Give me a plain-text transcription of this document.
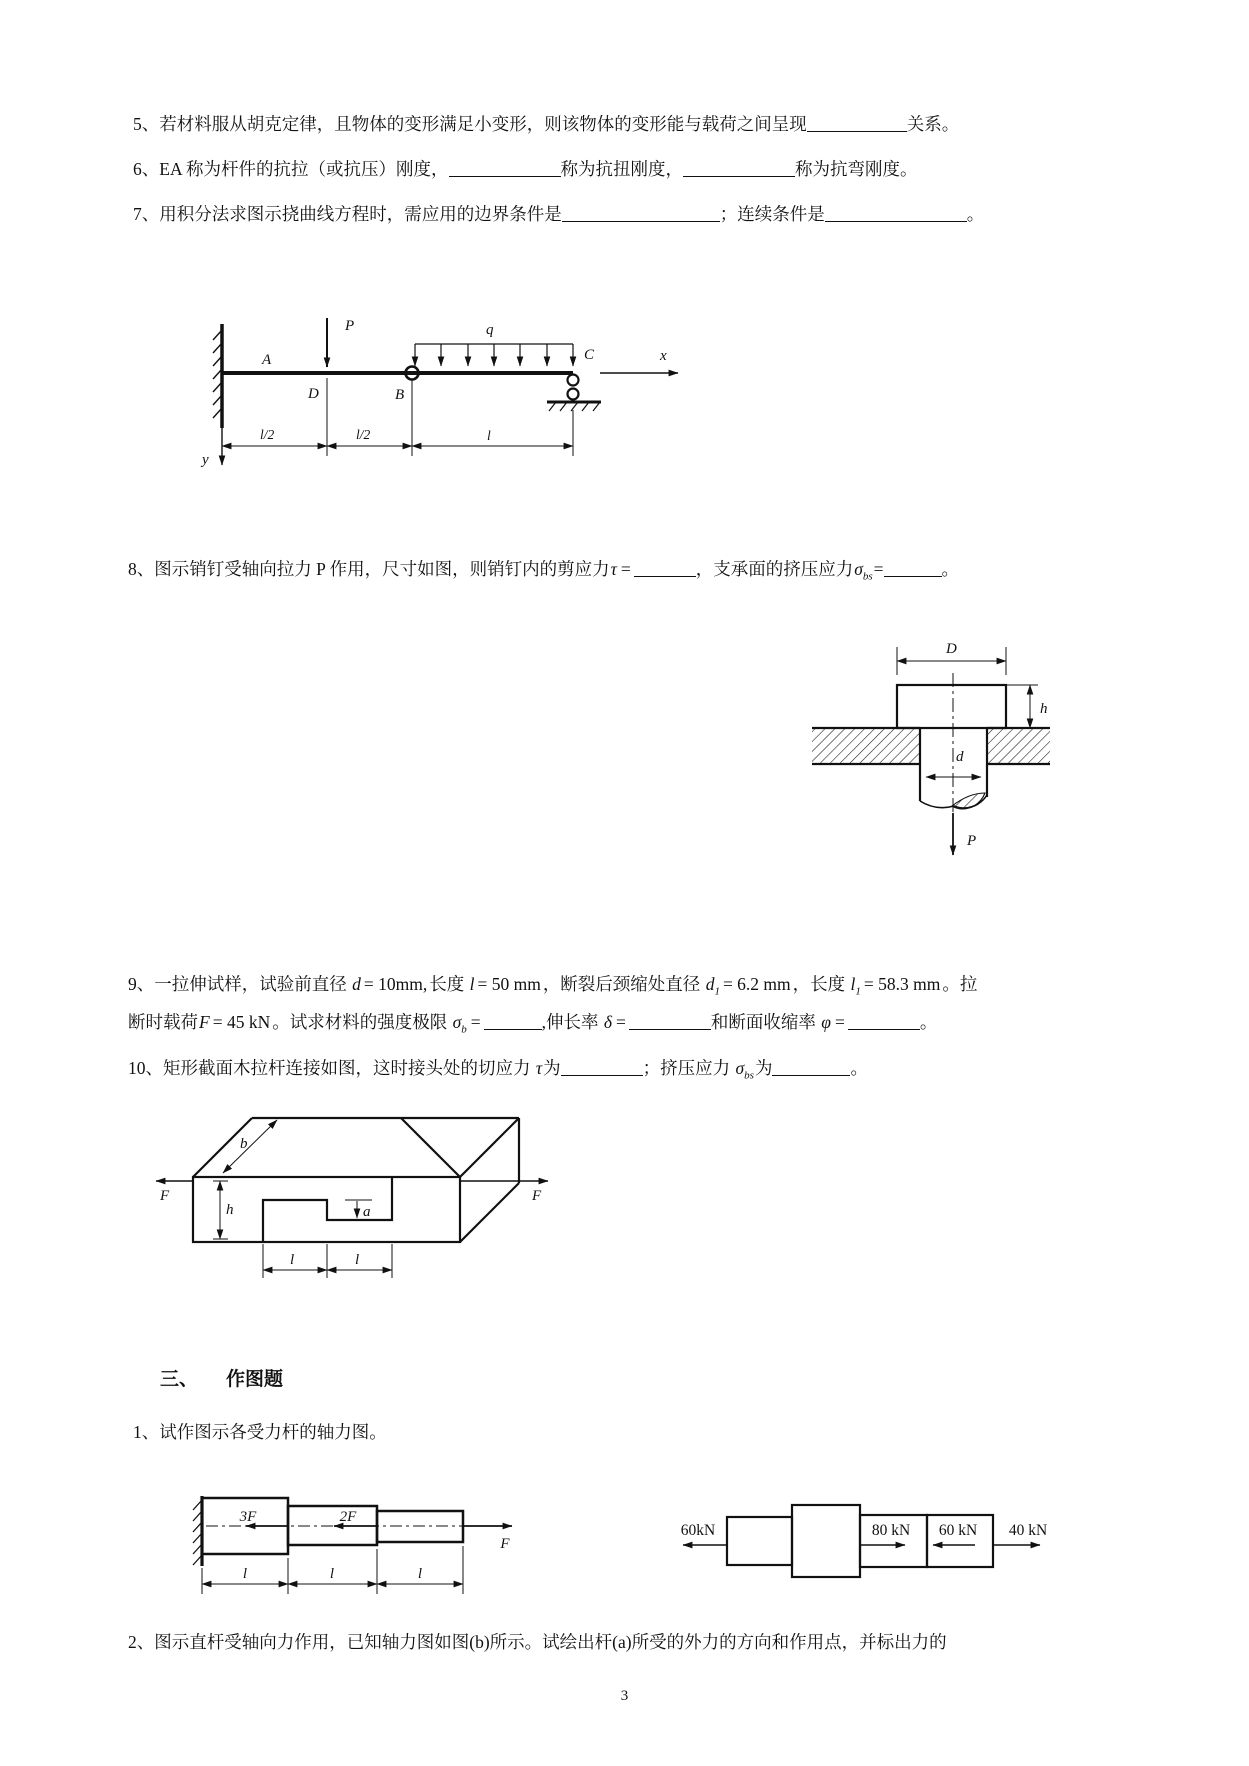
5、若材料服从胡克定律，且物体的变形满足小变形，则该物体的变形能与载荷之间呈现	关系。
6、EA 称为杆件的抗拉（或抗压）刚度，	称为抗扭刚度，	称为抗弯刚度。
7、用积分法求图示挠曲线方程时，需应用的边界条件是	；连续条件是	。
P	q
A
D	B
C	x
y
l/2	l/2	l
8、图示销钉受轴向拉力 P 作用，尺寸如图，则销钉内的剪应力τ =	，支承面的挤压应力$\sigma_{bs}=$	。
D
h
d
P
9、一拉伸试样，试验前直径 d = 10mm, 长度 l = 50 mm ，断裂后颈缩处直径 $d_1 = 6.2$ mm ，长度 $l_1 = 58.3$ mm 。拉
断时载荷F = 45 kN 。试求材料的强度极限 $\sigma_b$ =	,伸长率 δ =	和断面收缩率 φ =	。
10、矩形截面木拉杆连接如图，这时接头处的切应力 τ为	；挤压应力 $\sigma_{bs}$为	。
b
h	a
F	F
l	l
三、 作图题
1、试作图示各受力杆的轴力图。
3F	2F
F
l	l	l
60kN	80 kN 60 kN 40 kN
2、图示直杆受轴向力作用，已知轴力图如图(b)所示。试绘出杆(a)所受的外力的方向和作用点，并标出力的
3
